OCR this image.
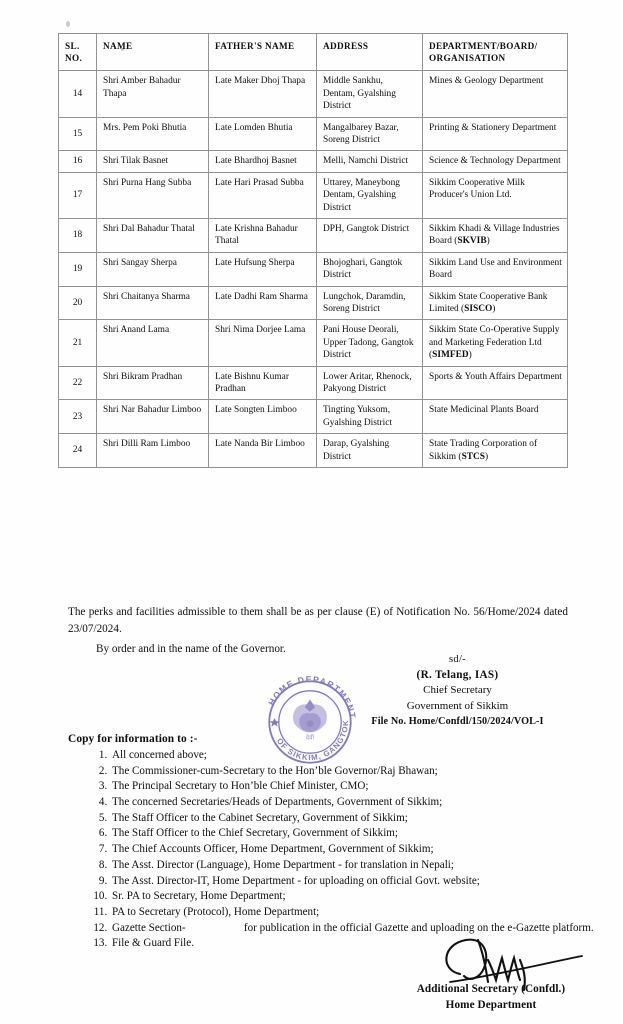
SL.
NO.	NAME	FATHER'S NAME	ADDRESS	DEPARTMENT/BOARD/
ORGANISATION
14	Shri Amber Bahadur Thapa	Late Maker Dhoj Thapa	Middle Sankhu, Dentam, Gyalshing District	Mines & Geology Department
15	Mrs. Pem Poki Bhutia	Late Lomden Bhutia	Mangalbarey Bazar, Soreng District	Printing & Stationery Department
16	Shri Tilak Basnet	Late Bhardhoj Basnet	Melli, Namchi District	Science & Technology Department
17	Shri Purna Hang Subba	Late Hari Prasad Subba	Uttarey, Maneybong Dentam, Gyalshing District	Sikkim Cooperative Milk Producer's Union Ltd.
18	Shri Dal Bahadur Thatal	Late Krishna Bahadur Thatal	DPH, Gangtok District	Sikkim Khadi & Village Industries Board (SKVIB)
19	Shri Sangay Sherpa	Late Hufsung Sherpa	Bhojoghari, Gangtok District	Sikkim Land Use and Environment Board
20	Shri Chaitanya Sharma	Late Dadhi Ram Sharma	Lungchok, Daramdin, Soreng District	Sikkim State Cooperative Bank Limited (SISCO)
21	Shri Anand Lama	Shri Nima Dorjee Lama	Pani House Deorali, Upper Tadong, Gangtok District	Sikkim State Co-Operative Supply and Marketing Federation Ltd (SIMFED)
22	Shri Bikram Pradhan	Late Bishnu Kumar Pradhan	Lower Aritar, Rhenock, Pakyong District	Sports & Youth Affairs Department
23	Shri Nar Bahadur Limboo	Late Songten Limboo	Tingting Yuksom, Gyalshing District	State Medicinal Plants Board
24	Shri Dilli Ram Limboo	Late Nanda Bir Limboo	Darap, Gyalshing District	State Trading Corporation of Sikkim (STCS)
The perks and facilities admissible to them shall be as per clause (E) of Notification No. 56/Home/2024 dated 23/07/2024.
By order and in the name of the Governor.
HOME DEPARTMENT
OF SIKKIM, GANGTOK
देवी
sd/-
(R. Telang, IAS)
Chief Secretary
Government of Sikkim
File No. Home/Confdl/150/2024/VOL-I
Copy for information to :-
1. All concerned above;
2. The Commissioner-cum-Secretary to the Hon’ble Governor/Raj Bhawan;
3. The Principal Secretary to Hon’ble Chief Minister, CMO;
4. The concerned Secretaries/Heads of Departments, Government of Sikkim;
5. The Staff Officer to the Cabinet Secretary, Government of Sikkim;
6. The Staff Officer to the Chief Secretary, Government of Sikkim;
7. The Chief Accounts Officer, Home Department, Government of Sikkim;
8. The Asst. Director (Language), Home Department - for translation in Nepali;
9. The Asst. Director-IT, Home Department - for uploading on official Govt. website;
10. Sr. PA to Secretary, Home Department;
11. PA to Secretary (Protocol), Home Department;
12. Gazette Section-	for publication in the official Gazette and uploading on the e-Gazette platform.
13. File & Guard File.
Additional Secretary (Confdl.)
Home Department
